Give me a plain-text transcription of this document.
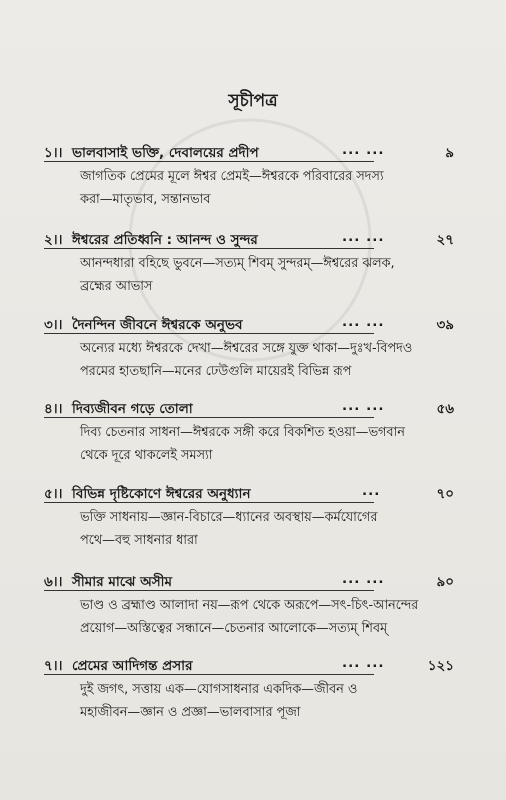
সূচীপত্র
১।। ভালবাসাই ভক্তি, দেবালয়ের প্রদীপ	... ...	৯
জাগতিক প্রেমের মূলে ঈশ্বর প্রেমই—ঈশ্বরকে পরিবারের সদস্য
করা—মাতৃভাব, সন্তানভাব
২।। ঈশ্বরের প্রতিধ্বনি : আনন্দ ও সুন্দর	... ...	২৭
আনন্দধারা বহিছে ভুবনে—সত্যম্ শিবম্ সুন্দরম্—ঈশ্বরের ঝলক,
ব্রহ্মের আভাস
৩।। দৈনন্দিন জীবনে ঈশ্বরকে অনুভব	... ...	৩৯
অন্যের মধ্যে ঈশ্বরকে দেখা—ঈশ্বরের সঙ্গে যুক্ত থাকা—দুঃখ-বিপদও
পরমের হাতছানি—মনের ঢেউগুলি মায়েরই বিভিন্ন রূপ
৪।। দিব্যজীবন গড়ে তোলা	... ...	৫৬
দিব্য চেতনার সাধনা—ঈশ্বরকে সঙ্গী করে বিকশিত হওয়া—ভগবান
থেকে দূরে থাকলেই সমস্যা
৫।। বিভিন্ন দৃষ্টিকোণে ঈশ্বরের অনুধ্যান	...	৭০
ভক্তি সাধনায়—জ্ঞান-বিচারে—ধ্যানের অবস্থায়—কর্মযোগের
পথে—বহু সাধনার ধারা
৬।। সীমার মাঝে অসীম	... ...	৯০
ভাণ্ড ও ব্রহ্মাণ্ড আলাদা নয়—রূপ থেকে অরূপে—সৎ-চিৎ-আনন্দের
প্রয়োগ—অস্তিত্বের সন্ধানে—চেতনার আলোকে—সত্যম্ শিবম্
৭।। প্রেমের আদিগন্ত প্রসার	... ...	১২১
দুই জগৎ, সত্তায় এক—যোগসাধনার একদিক—জীবন ও
মহাজীবন—জ্ঞান ও প্রজ্ঞা—ভালবাসার পূজা
